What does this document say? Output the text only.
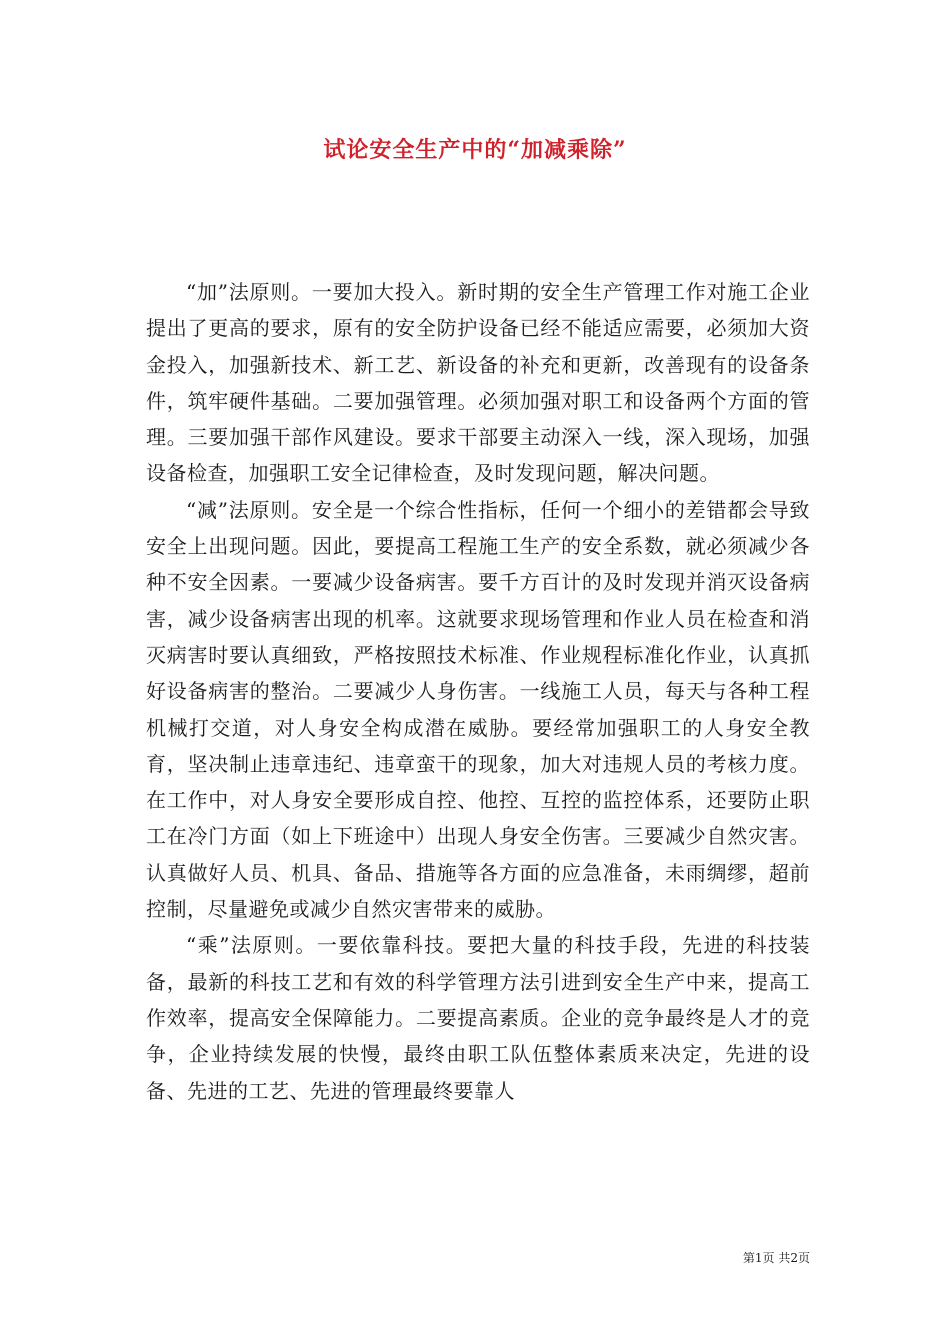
试论安全生产中的“加减乘除”

“加”法原则。一要加大投入。新时期的安全生产管理工作对施工企业提出了更高的要求，原有的安全防护设备已经不能适应需要，必须加大资金投入，加强新技术、新工艺、新设备的补充和更新，改善现有的设备条件，筑牢硬件基础。二要加强管理。必须加强对职工和设备两个方面的管理。三要加强干部作风建设。要求干部要主动深入一线，深入现场，加强设备检查，加强职工安全记律检查，及时发现问题，解决问题。

“减”法原则。安全是一个综合性指标，任何一个细小的差错都会导致安全上出现问题。因此，要提高工程施工生产的安全系数，就必须减少各种不安全因素。一要减少设备病害。要千方百计的及时发现并消灭设备病害，减少设备病害出现的机率。这就要求现场管理和作业人员在检查和消灭病害时要认真细致，严格按照技术标准、作业规程标准化作业，认真抓好设备病害的整治。二要减少人身伤害。一线施工人员，每天与各种工程机械打交道，对人身安全构成潜在威胁。要经常加强职工的人身安全教育，坚决制止违章违纪、违章蛮干的现象，加大对违规人员的考核力度。在工作中，对人身安全要形成自控、他控、互控的监控体系，还要防止职工在冷门方面（如上下班途中）出现人身安全伤害。三要减少自然灾害。认真做好人员、机具、备品、措施等各方面的应急准备，未雨绸缪，超前控制，尽量避免或减少自然灾害带来的威胁。

“乘”法原则。一要依靠科技。要把大量的科技手段，先进的科技装备，最新的科技工艺和有效的科学管理方法引进到安全生产中来，提高工作效率，提高安全保障能力。二要提高素质。企业的竞争最终是人才的竞争，企业持续发展的快慢，最终由职工队伍整体素质来决定，先进的设备、先进的工艺、先进的管理最终要靠人

第1页 共2页
